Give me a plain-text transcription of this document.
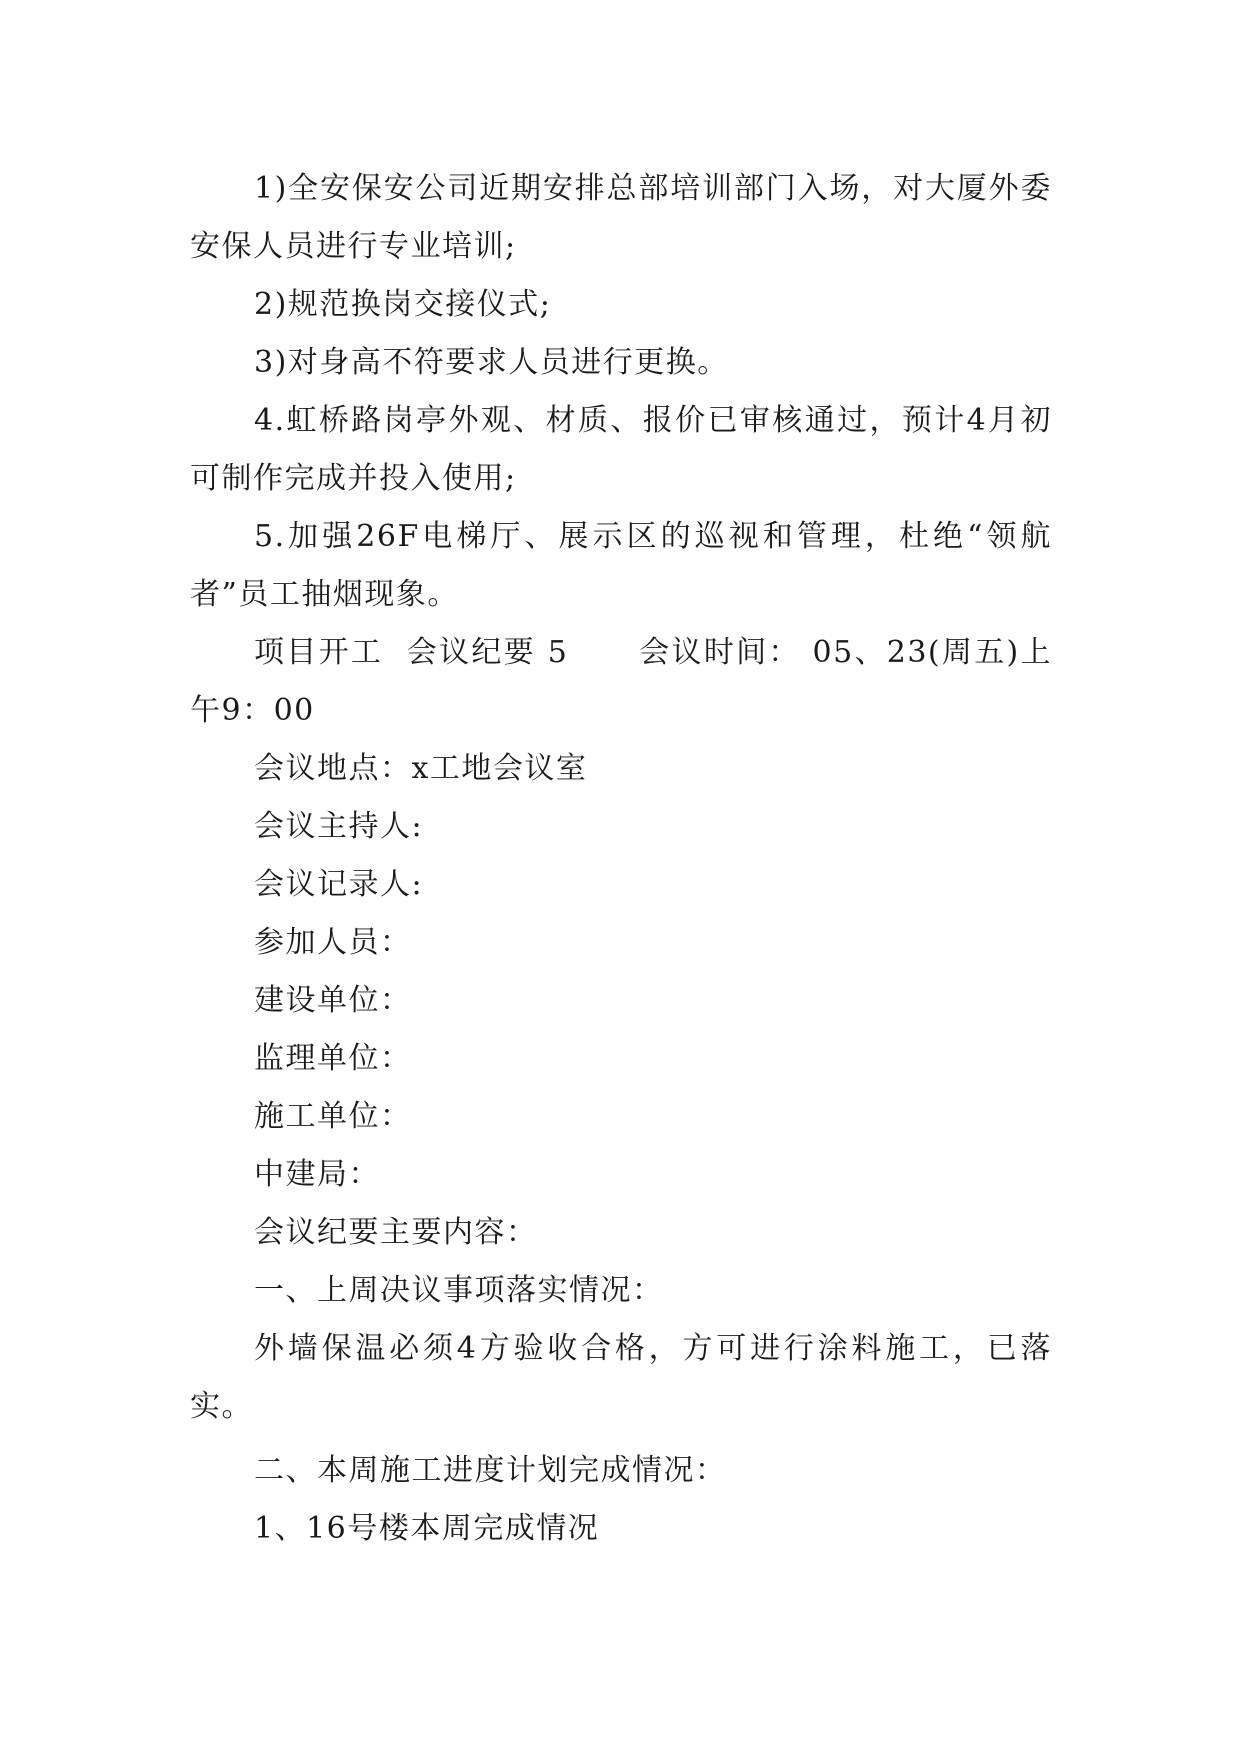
1)全安保安公司近期安排总部培训部门入场，对大厦外委安保人员进行专业培训;

2)规范换岗交接仪式;

3)对身高不符要求人员进行更换。

4.虹桥路岗亭外观、材质、报价已审核通过，预计4月初可制作完成并投入使用;

5.加强26F电梯厅、展示区的巡视和管理，杜绝“领航者”员工抽烟现象。

项目开工  会议纪要 5      会议时间： 05、23(周五)上午9：00

会议地点：x工地会议室

会议主持人:

会议记录人:

参加人员：

建设单位：

监理单位：

施工单位：

中建局：

会议纪要主要内容：

一、上周决议事项落实情况：

外墙保温必须4方验收合格，方可进行涂料施工，已落实。

二、本周施工进度计划完成情况：

1、16号楼本周完成情况
